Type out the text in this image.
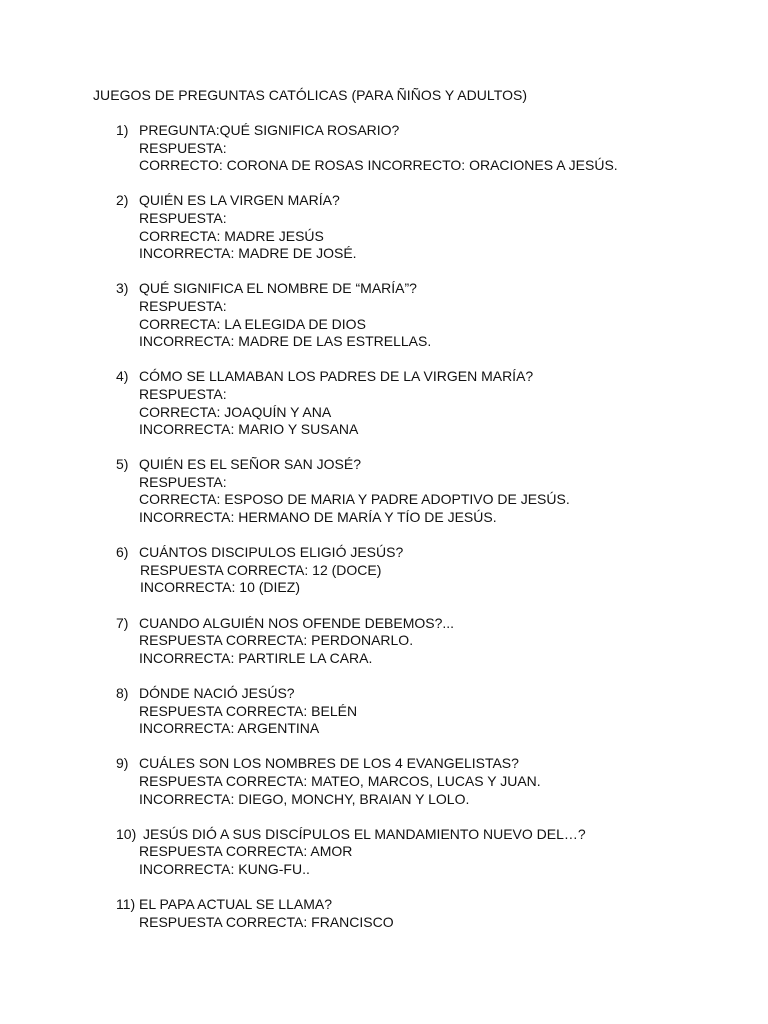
JUEGOS DE PREGUNTAS CATÓLICAS (PARA ÑIÑOS Y ADULTOS)
1) PREGUNTA:QUÉ SIGNIFICA ROSARIO?
RESPUESTA:
CORRECTO: CORONA DE ROSAS INCORRECTO: ORACIONES A JESÚS.
2) QUIÉN ES LA VIRGEN MARÍA?
RESPUESTA:
CORRECTA: MADRE JESÚS
INCORRECTA: MADRE DE JOSÉ.
3) QUÉ SIGNIFICA EL NOMBRE DE “MARÍA”?
RESPUESTA:
CORRECTA: LA ELEGIDA DE DIOS
INCORRECTA: MADRE DE LAS ESTRELLAS.
4) CÓMO SE LLAMABAN LOS PADRES DE LA VIRGEN MARÍA?
RESPUESTA:
CORRECTA: JOAQUÍN Y ANA
INCORRECTA: MARIO Y SUSANA
5) QUIÉN ES EL SEÑOR SAN JOSÉ?
RESPUESTA:
CORRECTA: ESPOSO DE MARIA Y PADRE ADOPTIVO DE JESÚS.
INCORRECTA: HERMANO DE MARÍA Y TÍO DE JESÚS.
6) CUÁNTOS DISCIPULOS ELIGIÓ JESÚS?
RESPUESTA CORRECTA: 12 (DOCE)
INCORRECTA: 10 (DIEZ)
7) CUANDO ALGUIÉN NOS OFENDE DEBEMOS?...
RESPUESTA CORRECTA: PERDONARLO.
INCORRECTA: PARTIRLE LA CARA.
8) DÓNDE NACIÓ JESÚS?
RESPUESTA CORRECTA: BELÉN
INCORRECTA: ARGENTINA
9) CUÁLES SON LOS NOMBRES DE LOS 4 EVANGELISTAS?
RESPUESTA CORRECTA: MATEO, MARCOS, LUCAS Y JUAN.
INCORRECTA: DIEGO, MONCHY, BRAIAN Y LOLO.
10) JESÚS DIÓ A SUS DISCÍPULOS EL MANDAMIENTO NUEVO DEL…?
RESPUESTA CORRECTA: AMOR
INCORRECTA: KUNG-FU..
11) EL PAPA ACTUAL SE LLAMA?
RESPUESTA CORRECTA: FRANCISCO
